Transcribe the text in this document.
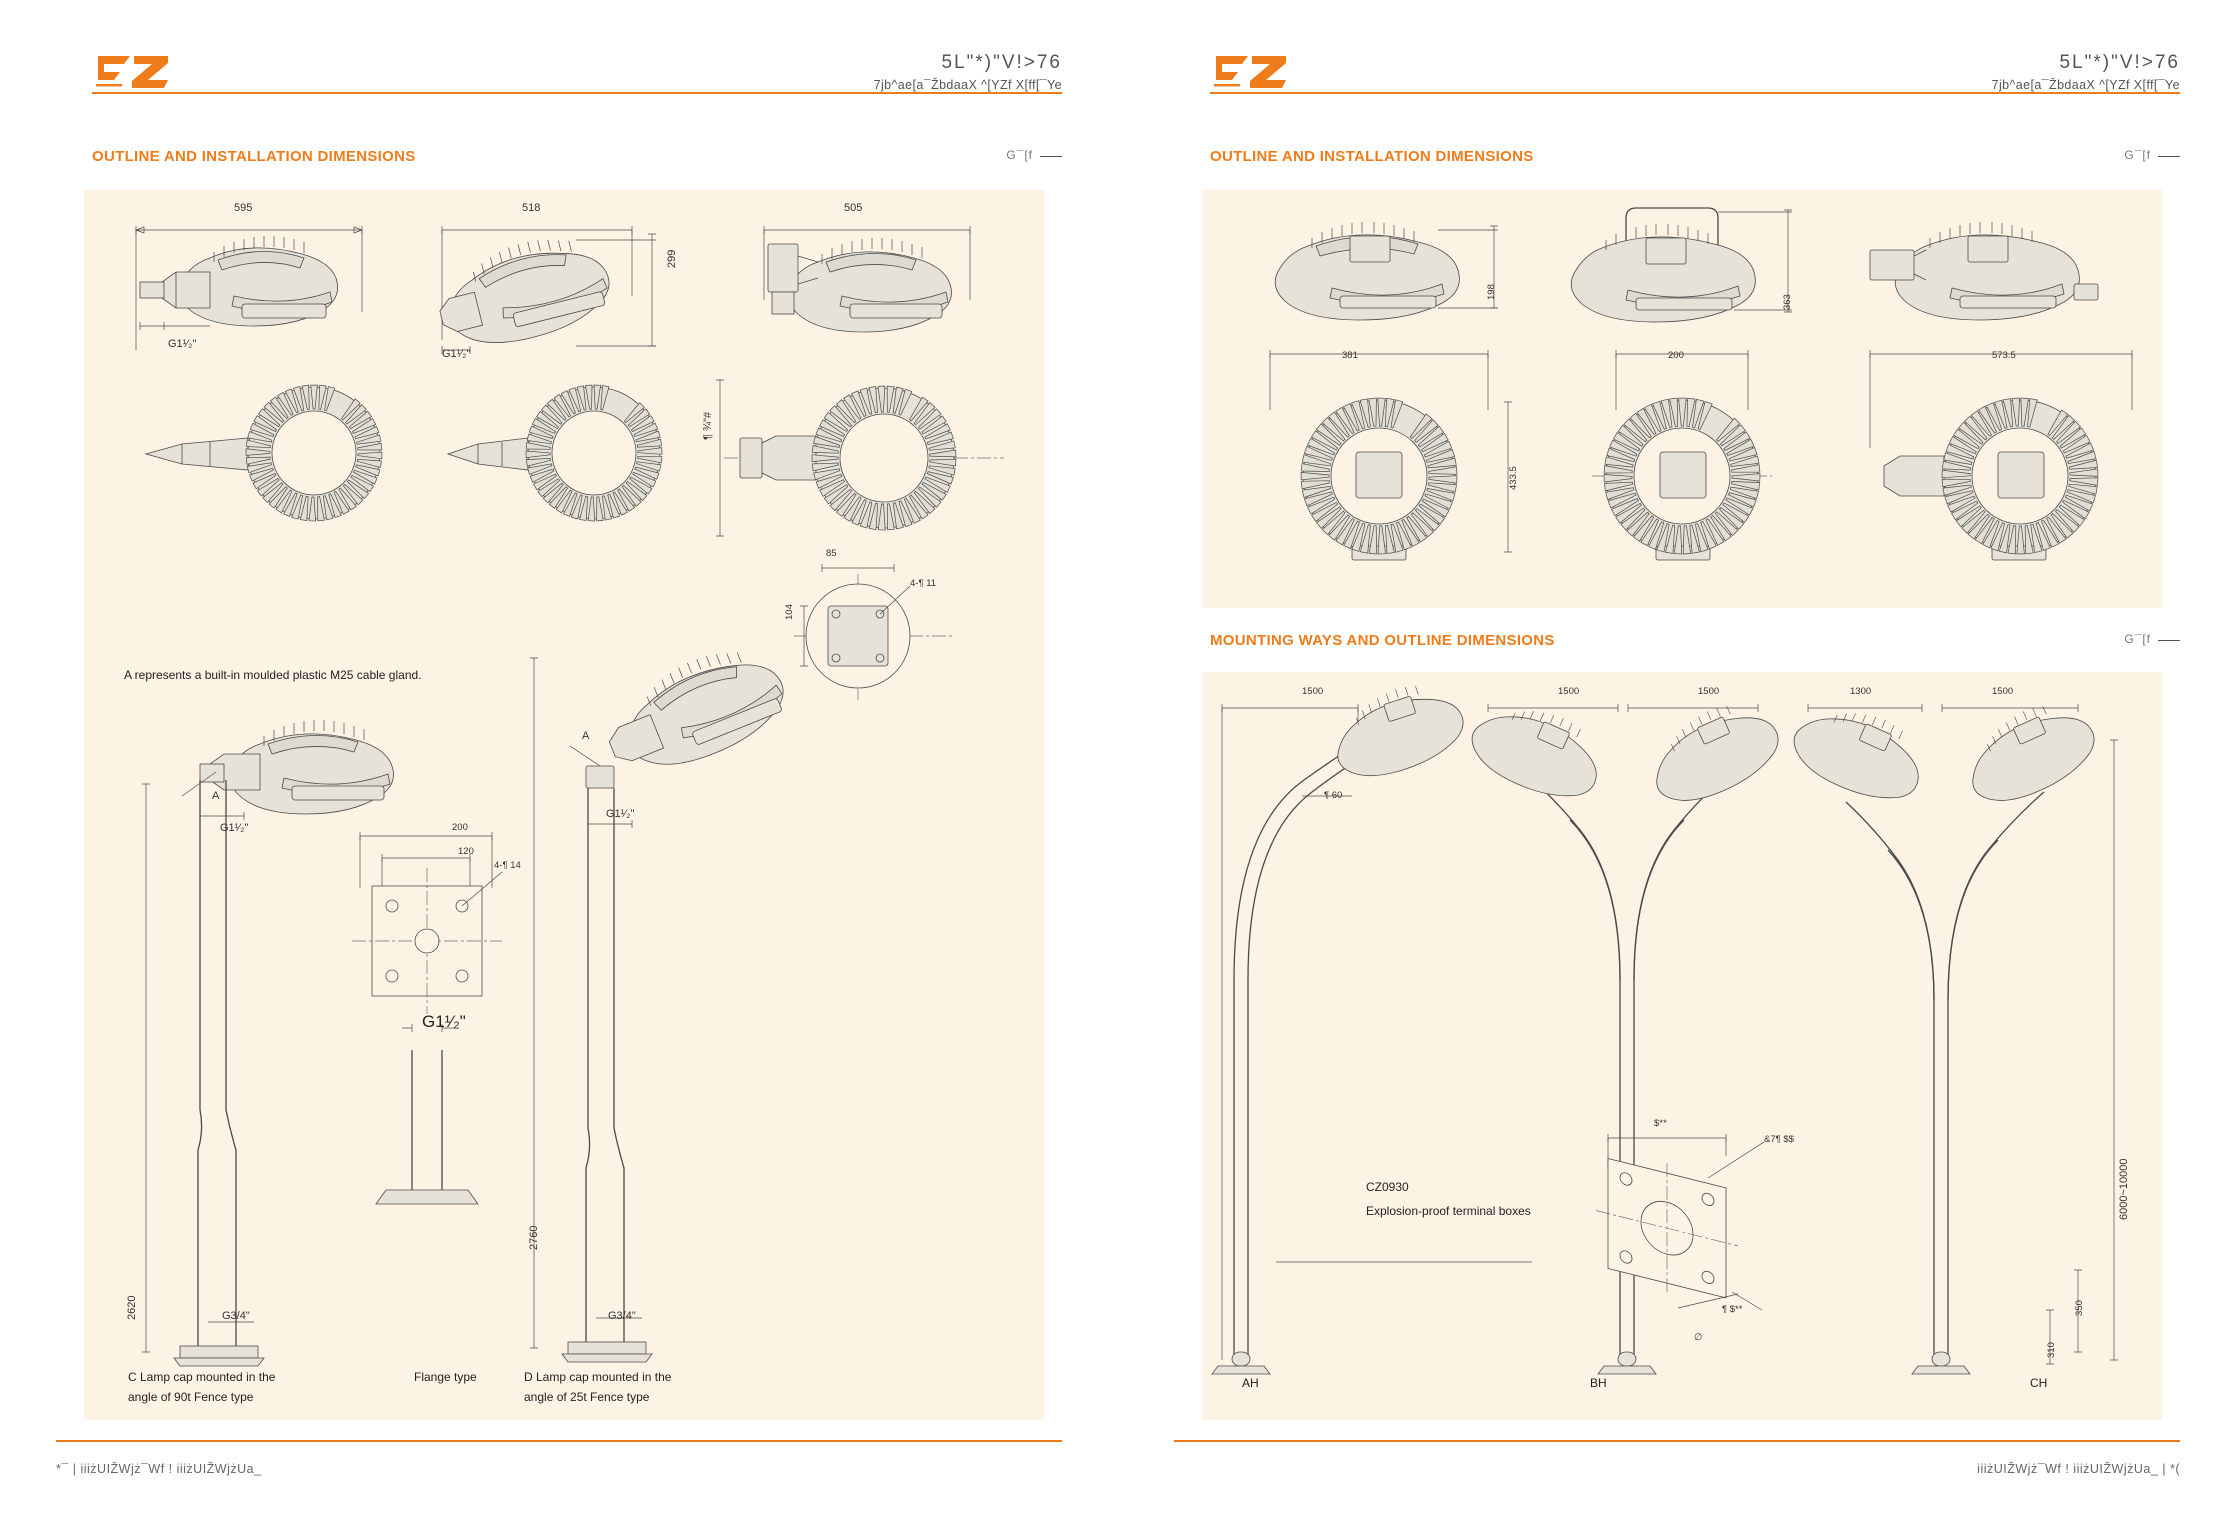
5L"*)"V!>76
7jb^ae[a¯ŽbdaaX ^[YZf X[ff[¯Ye
OUTLINE AND INSTALLATION DIMENSIONS	G¯[f
595
G1¹⁄₂"
518
299
G1¹⁄₂"
505
¶ ¾"#
85
104
4-¶ 11
A represents a built-in moulded plastic M25 cable gland.
2620
A
G1¹⁄₂"
G3/4"
200
120
4-¶ 14
G1¹⁄₂"
2760
A
G1¹⁄₂"
G3/4"
C Lamp cap mounted in the
angle of 90t Fence type
Flange type	D Lamp cap mounted in the
angle of 25t Fence type
*¯ | iiiżUIŽWjż¯Wf ! iiiżUIŽWjżUa_
5L"*)"V!>76
7jb^ae[a¯ŽbdaaX ^[YZf X[ff[¯Ye
OUTLINE AND INSTALLATION DIMENSIONS	G¯[f
198
363
381
433.5
200	573.5
MOUNTING WAYS AND OUTLINE DIMENSIONS	G¯[f
1500
¶ 60
AH
1500	1500
BH
1300	1500
6000~10000
350
310
CH
CZ0930
Explosion-proof terminal boxes
$**
&7¶ $$
¶ $**
∅
iiiżUIŽWjż¯Wf ! iiiżUIŽWjżUa_ | *(
